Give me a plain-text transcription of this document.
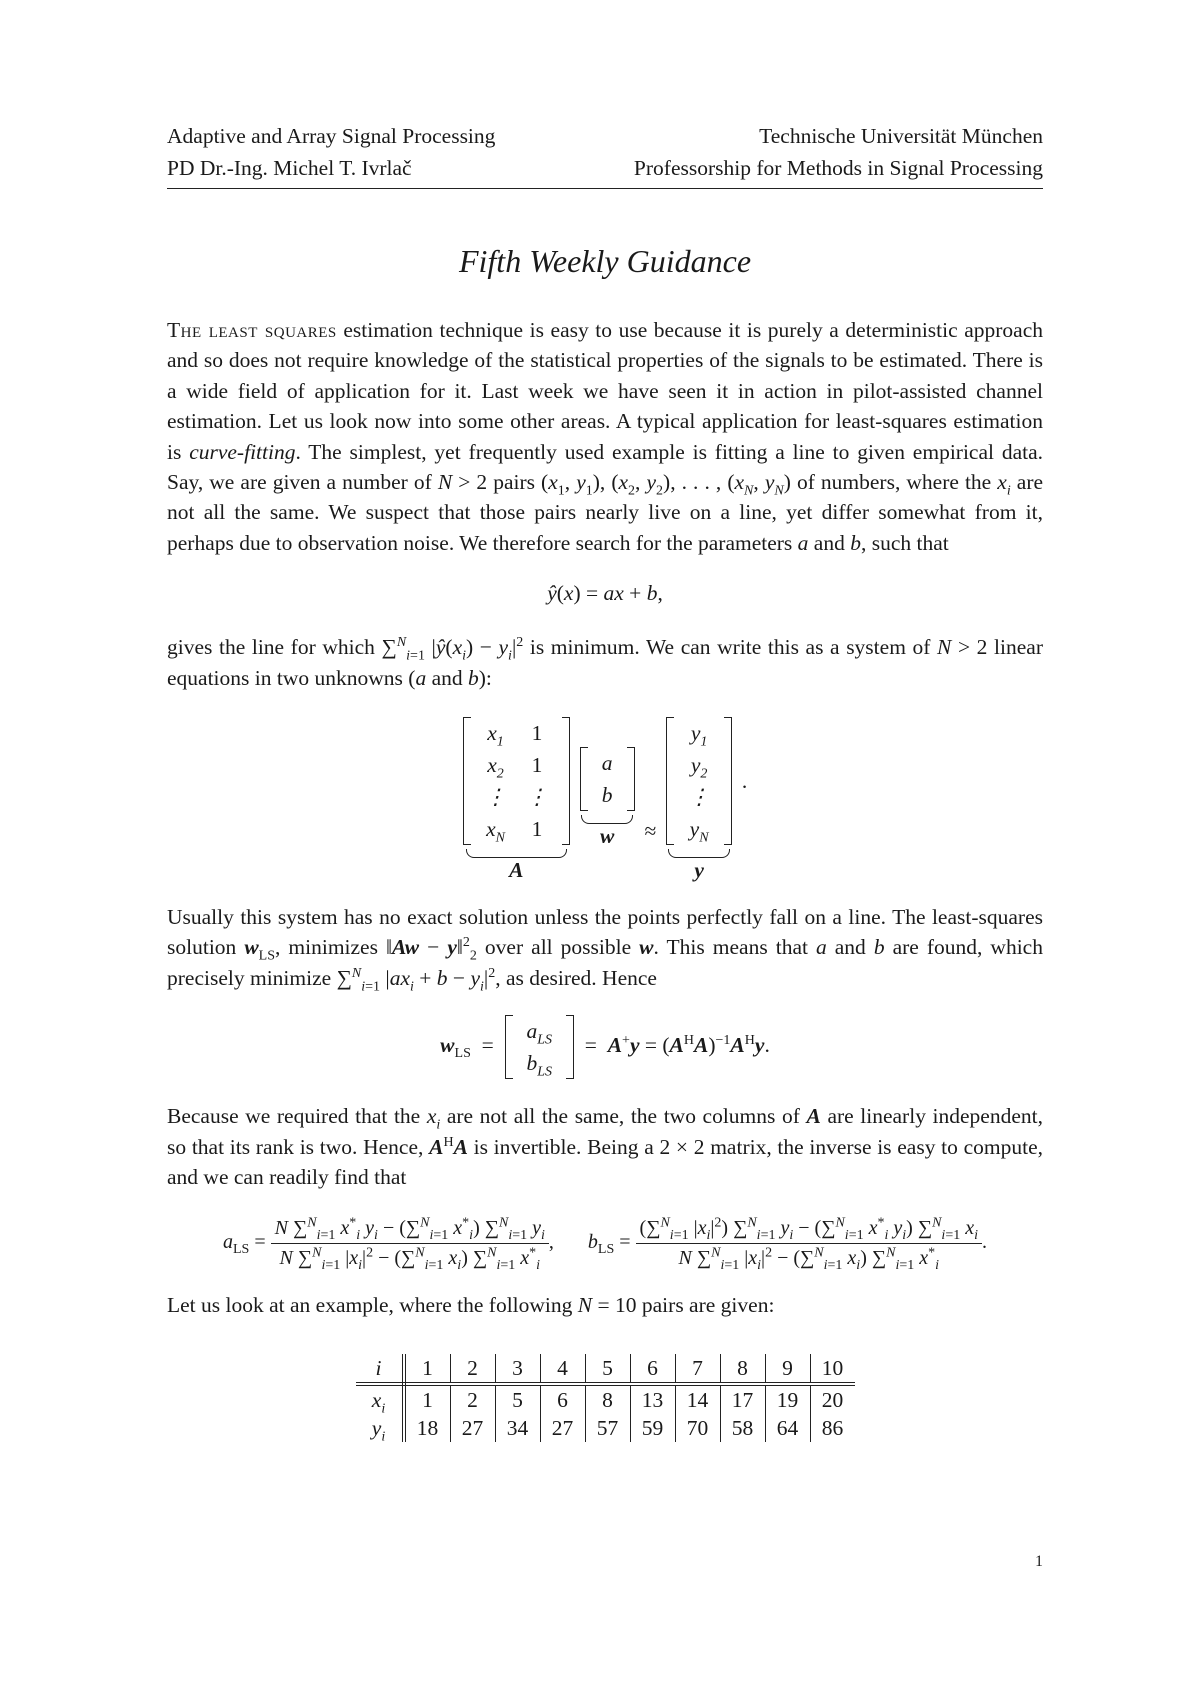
Adaptive and Array Signal Processing	Technische Universität München
PD Dr.-Ing. Michel T. Ivrlač	Professorship for Methods in Signal Processing
Fifth Weekly Guidance

The least squares estimation technique is easy to use because it is purely a deterministic approach and so does not require knowledge of the statistical properties of the signals to be estimated. There is a wide field of application for it. Last week we have seen it in action in pilot-assisted channel estimation. Let us look now into some other areas. A typical application for least-squares estimation is curve-fitting. The simplest, yet frequently used example is fitting a line to given empirical data. Say, we are given a number of N > 2 pairs ($x_1$, $y_1$), ($x_2$, $y_2$), . . . , ($x_N$, $y_N$) of numbers, where the $x_i$ are not all the same. We suspect that those pairs nearly live on a line, yet differ somewhat from it, perhaps due to observation noise. We therefore search for the parameters a and b, such that

ŷ(x) = ax + b,

gives the line for which ∑$^N_{i=1}$ $|ŷ(x_i) - y_i|^2$ is minimum. We can write this as a system of N > 2 linear equations in two unknowns (a and b):

$x_1$	1
$x_2$	1
⋮	⋮
$x_N$	1
A
a
b
w ≈
$y_1$
$y_2$
⋮
$y_N$
y
.

Usually this system has no exact solution unless the points perfectly fall on a line. The least-squares solution $w_{LS}$, minimizes ‖Aw − y‖$^2_2$ over all possible w. This means that a and b are found, which precisely minimize ∑$^N_{i=1}$ $|ax_i + b - y_i|^2$, as desired. Hence

$w_{LS}$  =
$a_{LS}$
$b_{LS}$
=  $A^+y = (A^HA)^{-1}A^Hy$.

Because we required that the $x_i$ are not all the same, the two columns of A are linearly independent, so that its rank is two. Hence, $A^HA$ is invertible. Being a 2 × 2 matrix, the inverse is easy to compute, and we can readily find that

$a_{LS} = \frac{N \sum^N_{i=1} x^*_i y_i - (\sum^N_{i=1} x^*_i) \sum^N_{i=1} y_i}{N \sum^N_{i=1} |x_i|^2 - (\sum^N_{i=1} x_i) \sum^N_{i=1} x^*_i}$ , $b_{LS} = \frac{(\sum^N_{i=1} |x_i|^2) \sum^N_{i=1} y_i - (\sum^N_{i=1} x^*_i y_i) \sum^N_{i=1} x_i}{N \sum^N_{i=1} |x_i|^2 - (\sum^N_{i=1} x_i) \sum^N_{i=1} x^*_i}$ .

Let us look at an example, where the following N = 10 pairs are given:

i	1	2	3	4	5	6	7	8	9	10
$x_i$	1	2	5	6	8	13	14	17	19	20
$y_i$	18	27	34	27	57	59	70	58	64	86
1
